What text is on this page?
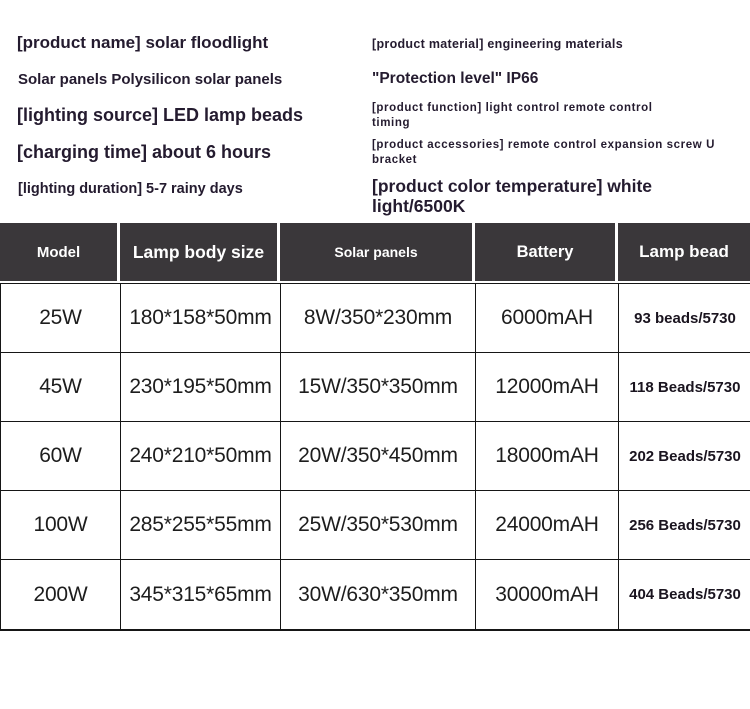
[product name] solar floodlight
Solar panels Polysilicon solar panels
[lighting source] LED lamp beads
[charging time] about 6 hours
[lighting duration] 5-7 rainy days
[product material] engineering materials
"Protection level" IP66
[product function] light control remote control timing
[product accessories] remote control expansion screw U bracket
[product color temperature] white light/6500K
Model	Lamp body size	Solar panels	Battery	Lamp bead
25W	180*158*50mm	8W/350*230mm	6000mAH	93 beads/5730
45W	230*195*50mm	15W/350*350mm	12000mAH	118 Beads/5730
60W	240*210*50mm	20W/350*450mm	18000mAH	202 Beads/5730
100W	285*255*55mm	25W/350*530mm	24000mAH	256 Beads/5730
200W	345*315*65mm	30W/630*350mm	30000mAH	404 Beads/5730
